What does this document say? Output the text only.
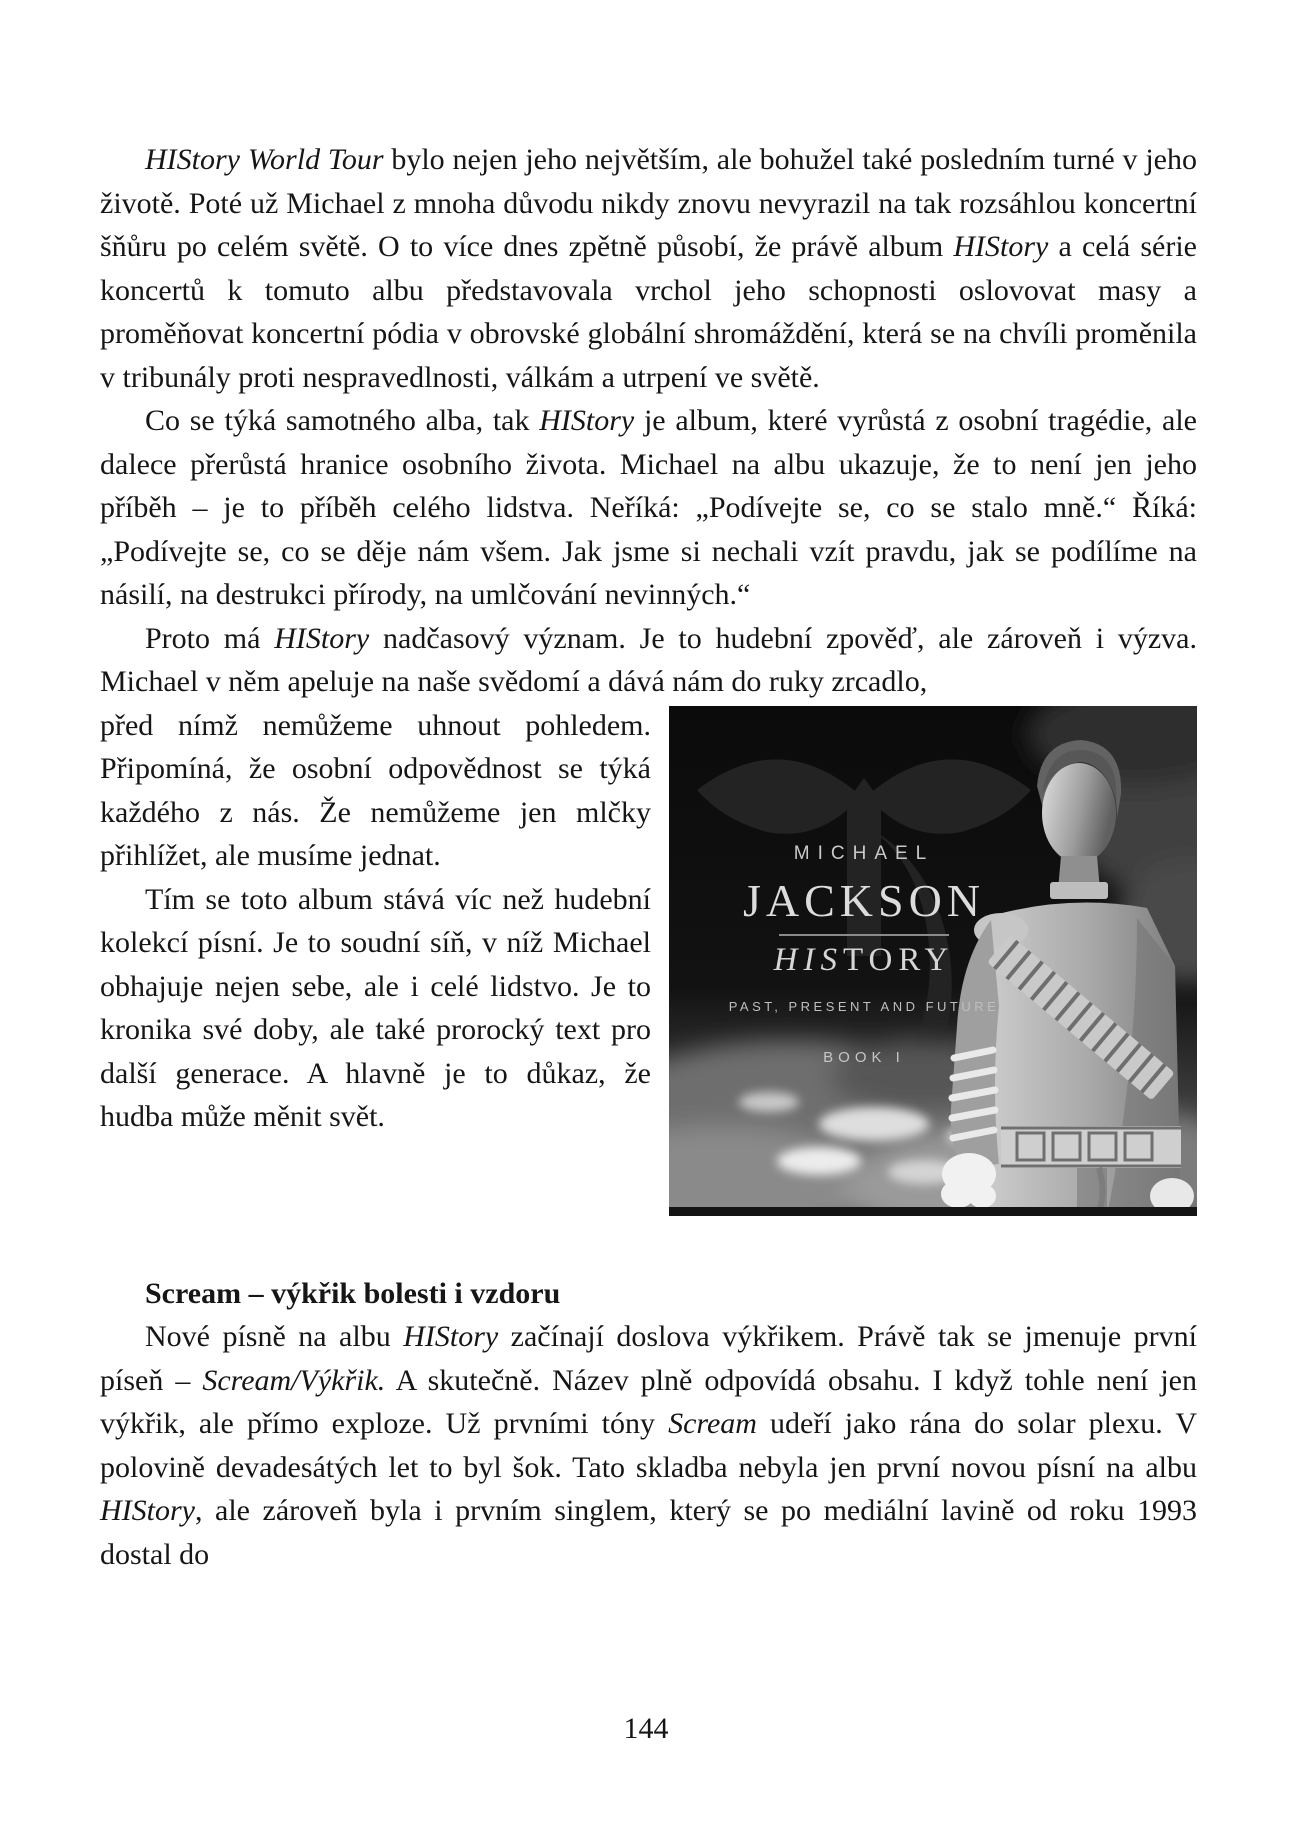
HIStory World Tour bylo nejen jeho největším, ale bohužel také posledním turné v jeho životě. Poté už Michael z mnoha důvodu nikdy znovu nevyrazil na tak rozsáhlou koncertní šňůru po celém světě. O to více dnes zpětně působí, že právě album HIStory a celá série koncertů k tomuto albu představovala vrchol jeho schopnosti oslovovat masy a proměňovat koncertní pódia v obrovské globální shromáždění, která se na chvíli proměnila v tribunály proti nespravedlnosti, válkám a utrpení ve světě.

Co se týká samotného alba, tak HIStory je album, které vyrůstá z osobní tragédie, ale dalece přerůstá hranice osobního života. Michael na albu ukazuje, že to není jen jeho příběh – je to příběh celého lidstva. Neříká: „Podívejte se, co se stalo mně.“ Říká: „Podívejte se, co se děje nám všem. Jak jsme si nechali vzít pravdu, jak se podílíme na násilí, na destrukci přírody, na umlčování nevinných.“

Proto má HIStory nadčasový význam. Je to hudební zpověď, ale zároveň i výzva. Michael v něm apeluje na naše svědomí a dává nám do ruky zrcadlo,

před nímž nemůžeme uhnout pohledem. Připomíná, že osobní odpovědnost se týká každého z nás. Že nemůžeme jen mlčky přihlížet, ale musíme jednat.

Tím se toto album stává víc než hudební kolekcí písní. Je to soudní síň, v níž Michael obhajuje nejen sebe, ale i celé lidstvo. Je to kronika své doby, ale také prorocký text pro další generace. A hlavně je to důkaz, že hudba může měnit svět.

MICHAEL
JACKSON
HISTORY
PAST, PRESENT AND FUTURE
BOOK I
Scream – výkřik bolesti i vzdoru

Nové písně na albu HIStory začínají doslova výkřikem. Právě tak se jmenuje první píseň – Scream/Výkřik. A skutečně. Název plně odpovídá obsahu. I když tohle není jen výkřik, ale přímo exploze. Už prvními tóny Scream udeří jako rána do solar plexu. V polovině devadesátých let to byl šok. Tato skladba nebyla jen první novou písní na albu HIStory, ale zároveň byla i prvním singlem, který se po mediální lavině od roku 1993 dostal do

144
